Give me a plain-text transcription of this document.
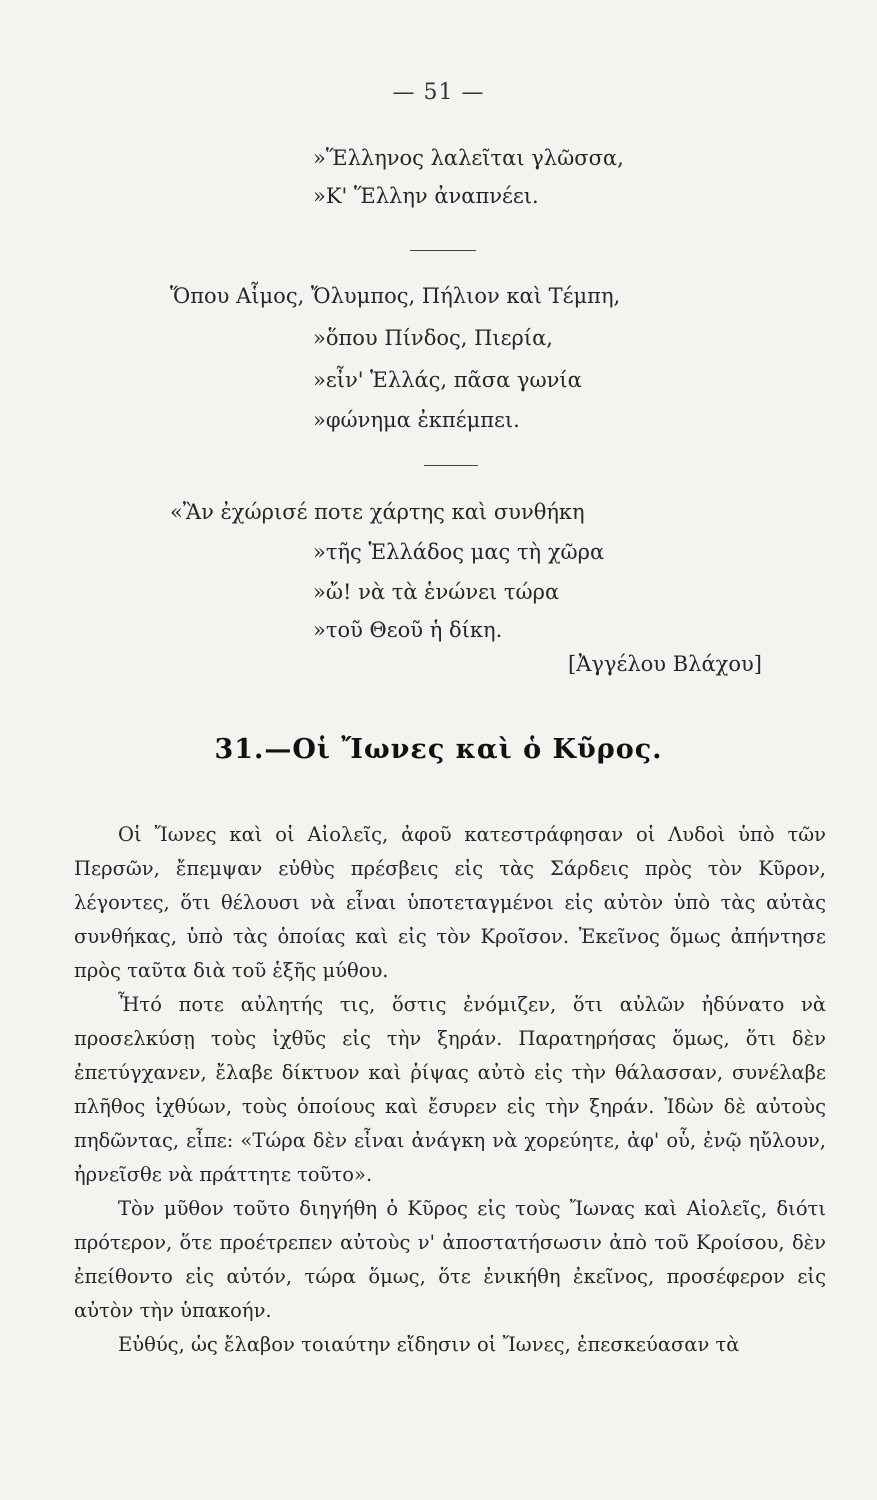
— 51 —
»Ἕλληνος λαλεῖται γλῶσσα,
»Κ' Ἕλλην ἀναπνέει.
Ὅπου Αἷμος, Ὄλυμπος, Πήλιον καὶ Τέμπη,
»ὅπου Πίνδος, Πιερία,
»εἶν' Ἑλλάς, πᾶσα γωνία
»φώνημα ἐκπέμπει.
«Ἂν ἐχώρισέ ποτε χάρτης καὶ συνθήκη
»τῆς Ἑλλάδος μας τὴ χῶρα
»ὤ! νὰ τὰ ἑνώνει τώρα
»τοῦ Θεοῦ ἡ δίκη.
[Ἀγγέλου Βλάχου]
31.—Οἱ Ἴωνες καὶ ὁ Κῦρος.

Οἱ Ἴωνες καὶ οἱ Αἰολεῖς, ἀφοῦ κατεστράφησαν οἱ Λυδοὶ ὑπὸ τῶν Περσῶν, ἔπεμψαν εὐθὺς πρέσβεις εἰς τὰς Σάρδεις πρὸς τὸν Κῦρον, λέγοντες, ὅτι θέλουσι νὰ εἶναι ὑποτεταγμένοι εἰς αὐτὸν ὑπὸ τὰς αὐτὰς συνθήκας, ὑπὸ τὰς ὁποίας καὶ εἰς τὸν Κροῖσον. Ἐκεῖνος ὅμως ἀπήντησε πρὸς ταῦτα διὰ τοῦ ἑξῆς μύθου.

Ἦτό ποτε αὐλητής τις, ὅστις ἐνόμιζεν, ὅτι αὐλῶν ἠδύνατο νὰ προσελκύσῃ τοὺς ἰχθῦς εἰς τὴν ξηράν. Παρατηρήσας ὅμως, ὅτι δὲν ἐπετύγχανεν, ἔλαβε δίκτυον καὶ ῥίψας αὐτὸ εἰς τὴν θάλασσαν, συνέλαβε πλῆθος ἰχθύων, τοὺς ὁποίους καὶ ἔσυρεν εἰς τὴν ξηράν. Ἰδὼν δὲ αὐτοὺς πηδῶντας, εἶπε: «Τώρα δὲν εἶναι ἀνάγκη νὰ χορεύητε, ἀφ' οὗ, ἐνῷ ηὔλουν, ἠρνεῖσθε νὰ πράττητε τοῦτο».

Τὸν μῦθον τοῦτο διηγήθη ὁ Κῦρος εἰς τοὺς Ἴωνας καὶ Αἰολεῖς, διότι πρότερον, ὅτε προέτρεπεν αὐτοὺς ν' ἀποστατήσωσιν ἀπὸ τοῦ Κροίσου, δὲν ἐπείθοντο εἰς αὐτόν, τώρα ὅμως, ὅτε ἐνικήθη ἐκεῖνος, προσέφερον εἰς αὐτὸν τὴν ὑπακοήν.

Εὐθύς, ὡς ἔλαβον τοιαύτην εἴδησιν οἱ Ἴωνες, ἐπεσκεύασαν τὰ
